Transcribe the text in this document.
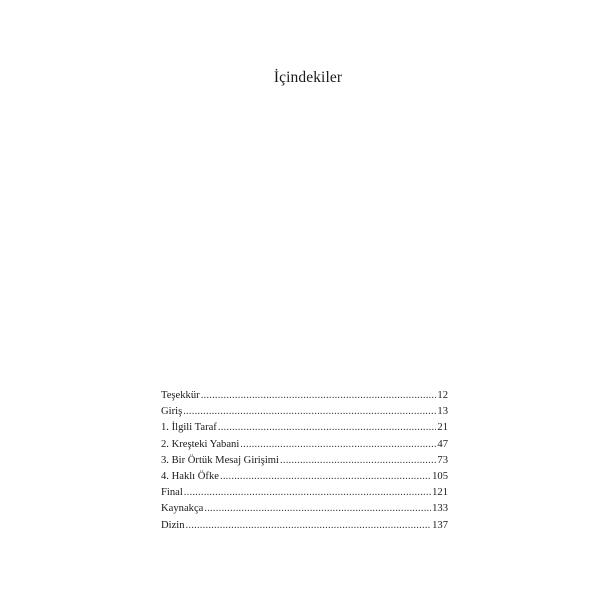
İçindekiler
Teşekkür .....	12
Giriş .....	13
1. İlgili Taraf .....	21
2. Kreşteki Yabani .....	47
3. Bir Örtük Mesaj Girişimi .....	73
4. Haklı Öfke .....	105
Final .....	121
Kaynakça .....	133
Dizin .....	137
